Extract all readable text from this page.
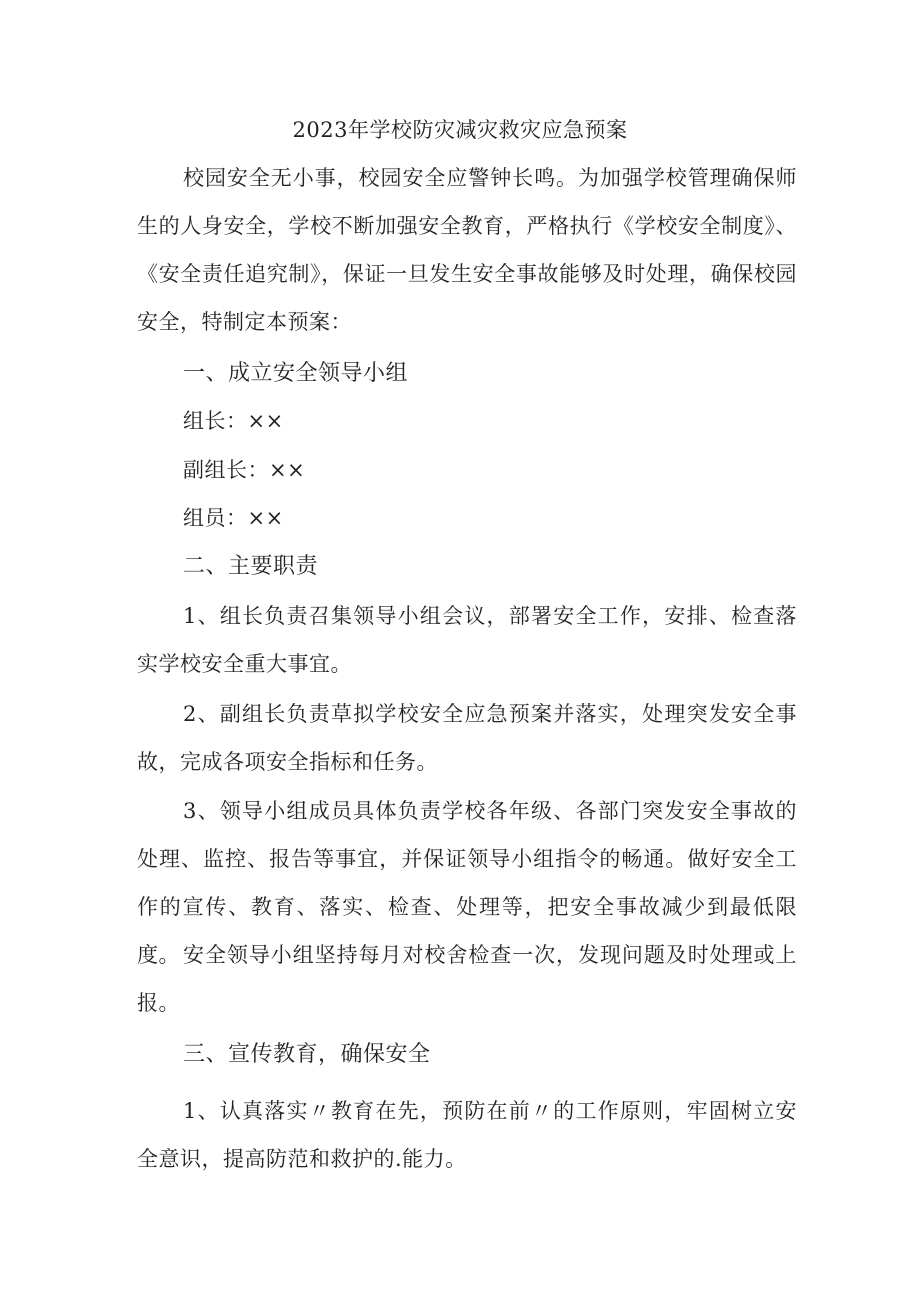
2023年学校防灾减灾救灾应急预案

校园安全无小事，校园安全应警钟长鸣。为加强学校管理确保师生的人身安全，学校不断加强安全教育，严格执行《学校安全制度》、《安全责任追究制》，保证一旦发生安全事故能够及时处理，确保校园安全，特制定本预案：

一、成立安全领导小组

组长：××

副组长：××

组员：××

二、主要职责

1、组长负责召集领导小组会议，部署安全工作，安排、检查落实学校安全重大事宜。

2、副组长负责草拟学校安全应急预案并落实，处理突发安全事故，完成各项安全指标和任务。

3、领导小组成员具体负责学校各年级、各部门突发安全事故的处理、监控、报告等事宜，并保证领导小组指令的畅通。做好安全工作的宣传、教育、落实、检查、处理等，把安全事故减少到最低限度。 安全领导小组坚持每月对校舍检查一次，发现问题及时处理或上报。

三、宣传教育，确保安全

1、认真落实〃教育在先，预防在前〃的工作原则，牢固树立安全意识，提高防范和救护的.能力。
